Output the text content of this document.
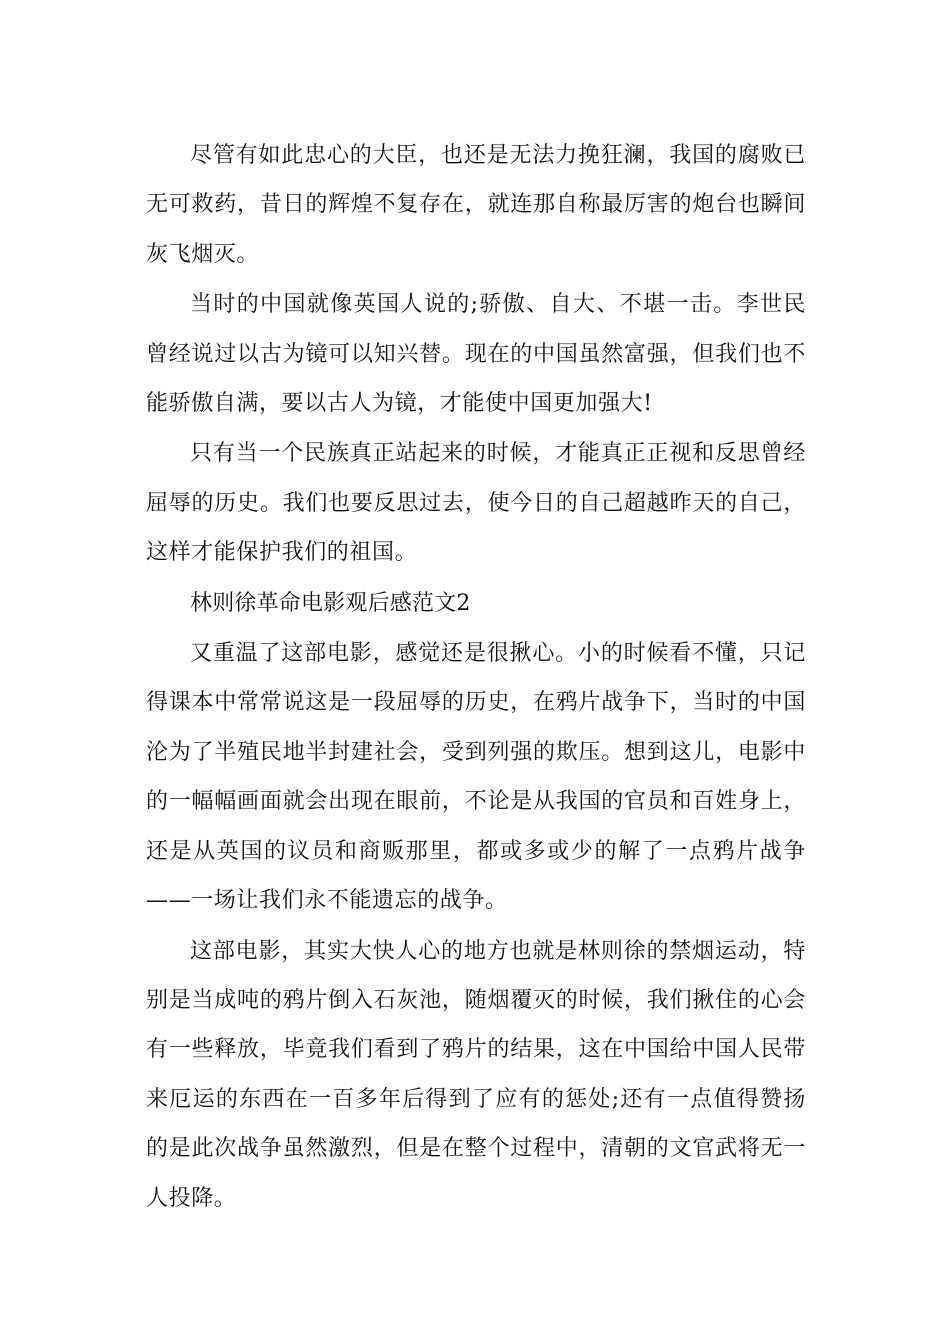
尽管有如此忠心的大臣，也还是无法力挽狂澜，我国的腐败已无可救药，昔日的辉煌不复存在，就连那自称最厉害的炮台也瞬间灰飞烟灭。

当时的中国就像英国人说的;骄傲、自大、不堪一击。李世民曾经说过以古为镜可以知兴替。现在的中国虽然富强，但我们也不能骄傲自满，要以古人为镜，才能使中国更加强大!

只有当一个民族真正站起来的时候，才能真正正视和反思曾经屈辱的历史。我们也要反思过去，使今日的自己超越昨天的自己，这样才能保护我们的祖国。

林则徐革命电影观后感范文2

又重温了这部电影，感觉还是很揪心。小的时候看不懂，只记得课本中常常说这是一段屈辱的历史，在鸦片战争下，当时的中国沦为了半殖民地半封建社会，受到列强的欺压。想到这儿，电影中的一幅幅画面就会出现在眼前，不论是从我国的官员和百姓身上，还是从英国的议员和商贩那里，都或多或少的解了一点鸦片战争——一场让我们永不能遗忘的战争。

这部电影，其实大快人心的地方也就是林则徐的禁烟运动，特别是当成吨的鸦片倒入石灰池，随烟覆灭的时候，我们揪住的心会有一些释放，毕竟我们看到了鸦片的结果，这在中国给中国人民带来厄运的东西在一百多年后得到了应有的惩处;还有一点值得赞扬的是此次战争虽然激烈，但是在整个过程中，清朝的文官武将无一人投降。
